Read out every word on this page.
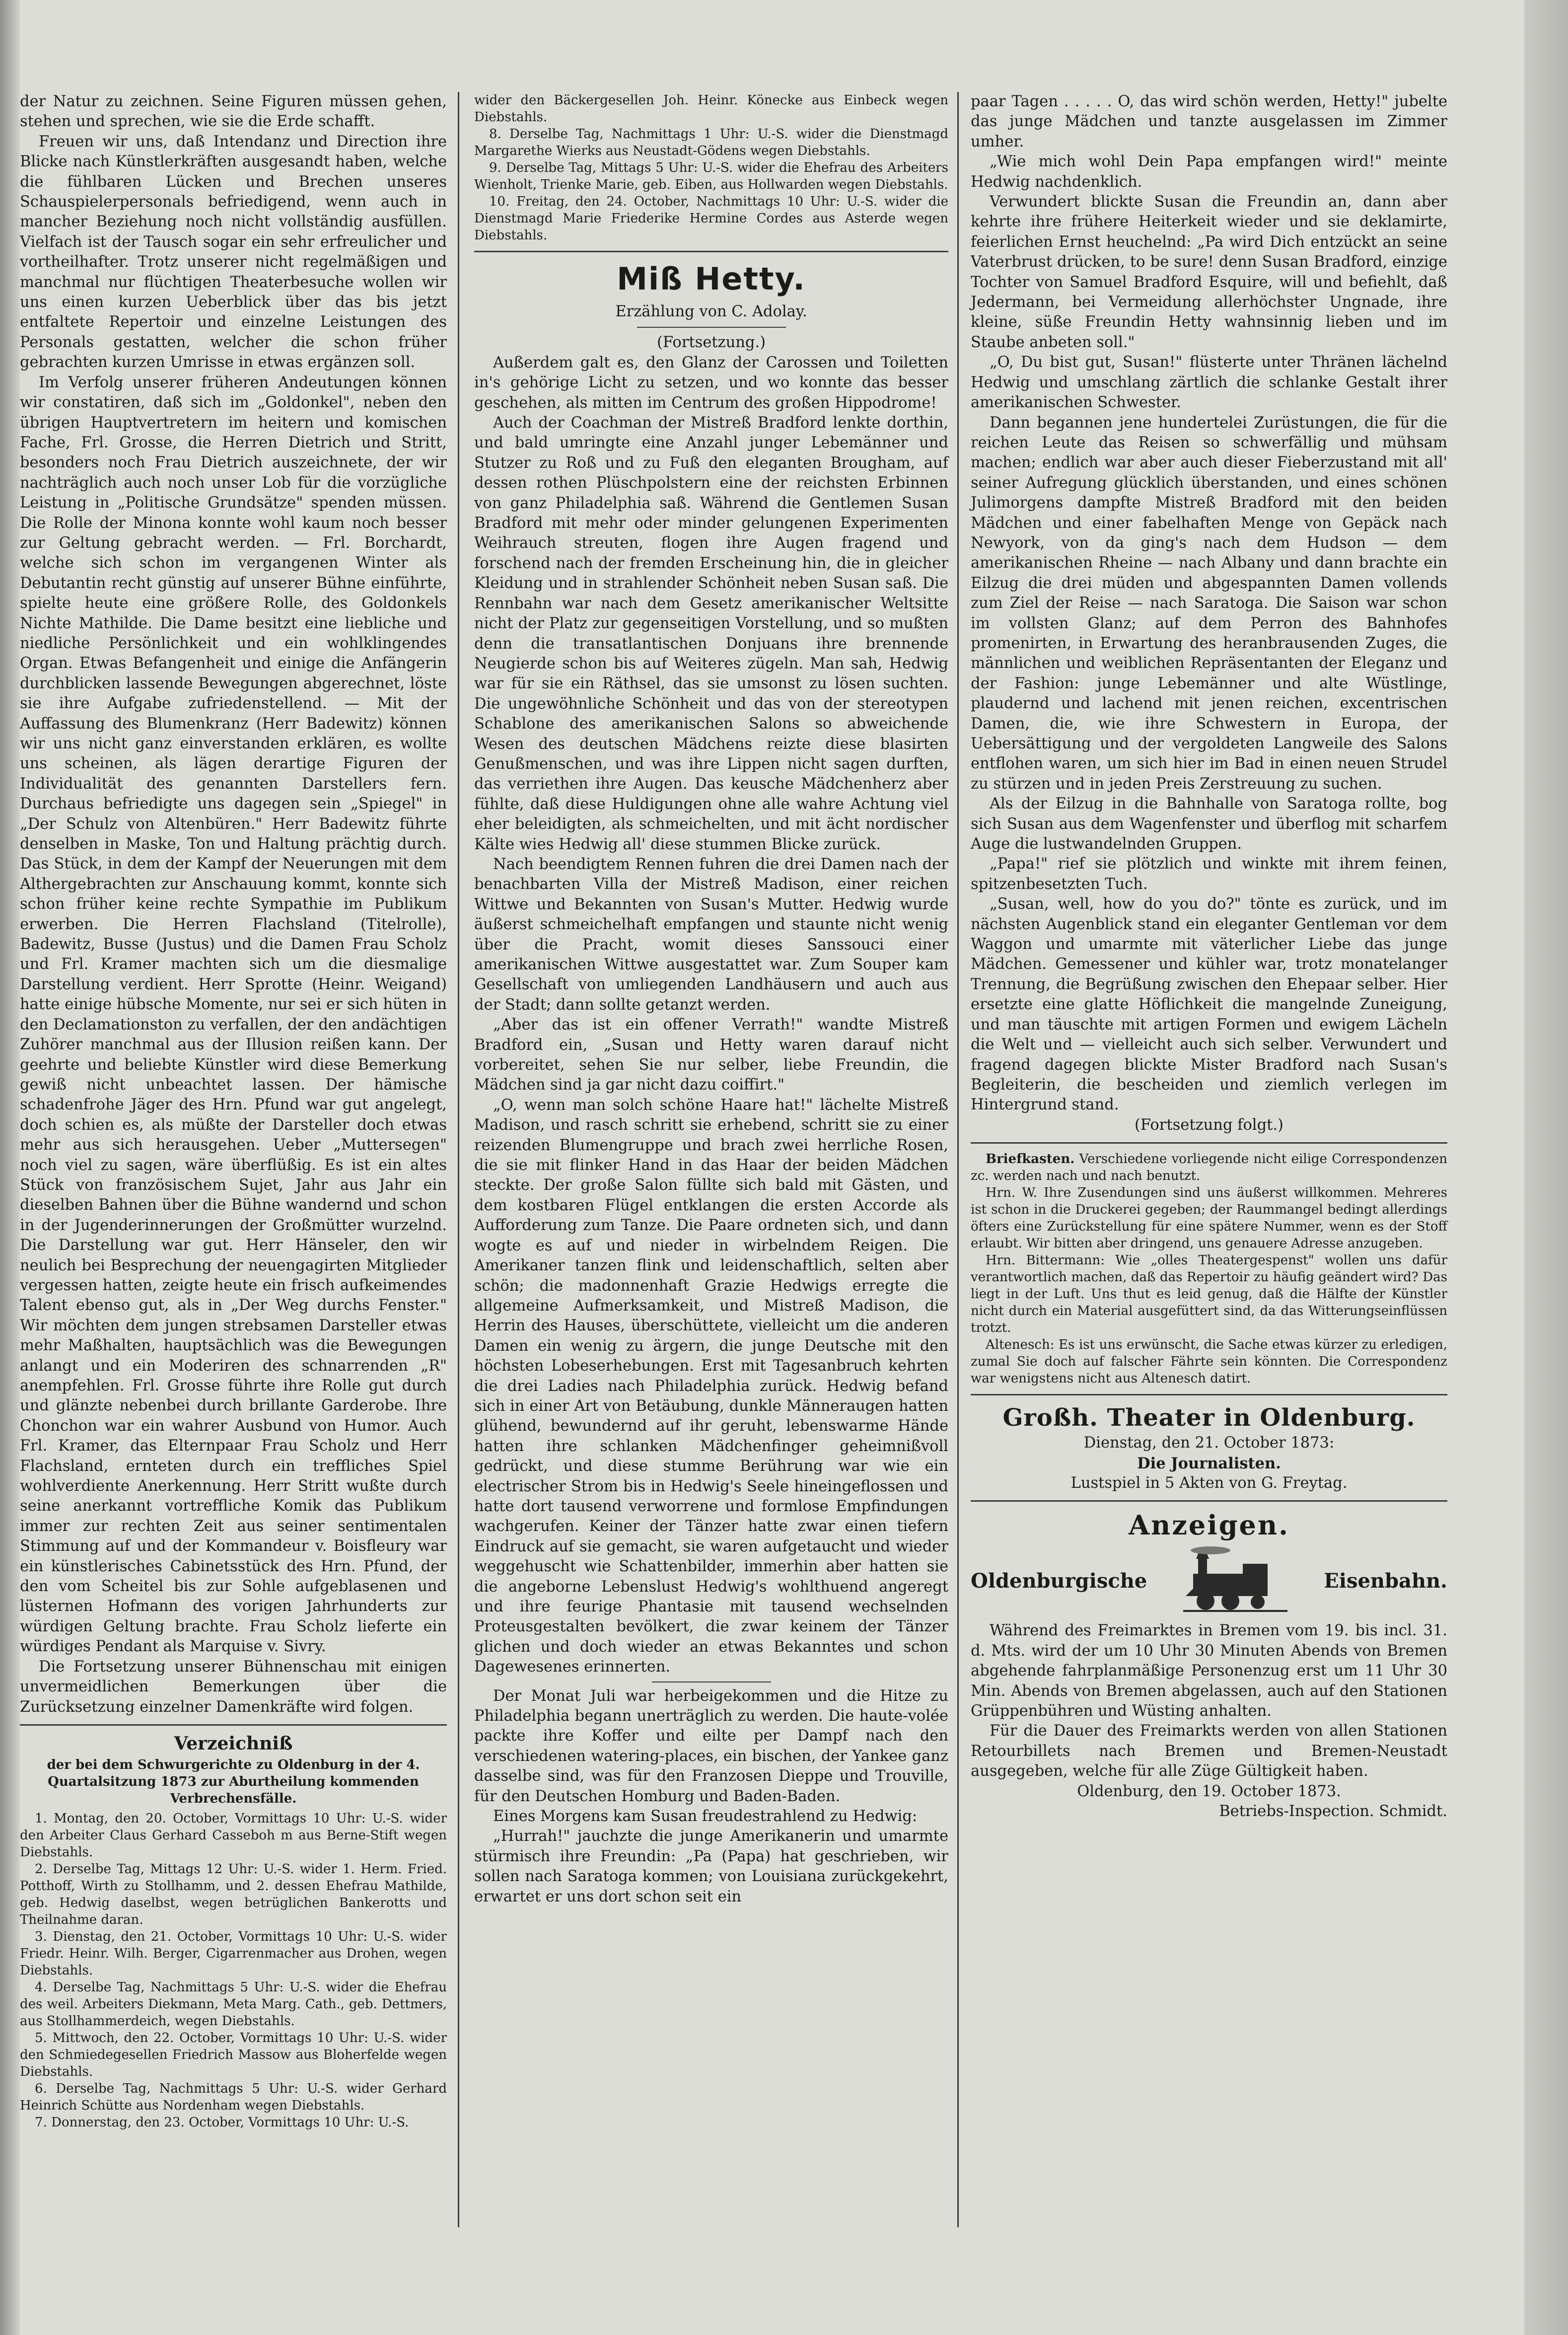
der Natur zu zeichnen. Seine Figuren müssen gehen, stehen und sprechen, wie sie die Erde schafft.

Freuen wir uns, daß Intendanz und Direction ihre Blicke nach Künstlerkräften ausgesandt haben, welche die fühlbaren Lücken und Brechen unseres Schauspielerpersonals befriedigend, wenn auch in mancher Beziehung noch nicht vollständig ausfüllen. Vielfach ist der Tausch sogar ein sehr erfreulicher und vortheilhafter. Trotz unserer nicht regelmäßigen und manchmal nur flüchtigen Theaterbesuche wollen wir uns einen kurzen Ueberblick über das bis jetzt entfaltete Repertoir und einzelne Leistungen des Personals gestatten, welcher die schon früher gebrachten kurzen Umrisse in etwas ergänzen soll.

Im Verfolg unserer früheren Andeutungen können wir constatiren, daß sich im „Goldonkel", neben den übrigen Hauptvertretern im heitern und komischen Fache, Frl. Grosse, die Herren Dietrich und Stritt, besonders noch Frau Dietrich auszeichnete, der wir nachträglich auch noch unser Lob für die vorzügliche Leistung in „Politische Grundsätze" spenden müssen. Die Rolle der Minona konnte wohl kaum noch besser zur Geltung gebracht werden. — Frl. Borchardt, welche sich schon im vergangenen Winter als Debutantin recht günstig auf unserer Bühne einführte, spielte heute eine größere Rolle, des Goldonkels Nichte Mathilde. Die Dame besitzt eine liebliche und niedliche Persönlichkeit und ein wohlklingendes Organ. Etwas Befangenheit und einige die Anfängerin durchblicken lassende Bewegungen abgerechnet, löste sie ihre Aufgabe zufriedenstellend. — Mit der Auffassung des Blumenkranz (Herr Badewitz) können wir uns nicht ganz einverstanden erklären, es wollte uns scheinen, als lägen derartige Figuren der Individualität des genannten Darstellers fern. Durchaus befriedigte uns dagegen sein „Spiegel" in „Der Schulz von Altenbüren." Herr Badewitz führte denselben in Maske, Ton und Haltung prächtig durch. Das Stück, in dem der Kampf der Neuerungen mit dem Althergebrachten zur Anschauung kommt, konnte sich schon früher keine rechte Sympathie im Publikum erwerben. Die Herren Flachsland (Titelrolle), Badewitz, Busse (Justus) und die Damen Frau Scholz und Frl. Kramer machten sich um die diesmalige Darstellung verdient. Herr Sprotte (Heinr. Weigand) hatte einige hübsche Momente, nur sei er sich hüten in den Declamationston zu verfallen, der den andächtigen Zuhörer manchmal aus der Illusion reißen kann. Der geehrte und beliebte Künstler wird diese Bemerkung gewiß nicht unbeachtet lassen. Der hämische schadenfrohe Jäger des Hrn. Pfund war gut angelegt, doch schien es, als müßte der Darsteller doch etwas mehr aus sich herausgehen. Ueber „Muttersegen" noch viel zu sagen, wäre überflüßig. Es ist ein altes Stück von französischem Sujet, Jahr aus Jahr ein dieselben Bahnen über die Bühne wandernd und schon in der Jugenderinnerungen der Großmütter wurzelnd. Die Darstellung war gut. Herr Hänseler, den wir neulich bei Besprechung der neuengagirten Mitglieder vergessen hatten, zeigte heute ein frisch aufkeimendes Talent ebenso gut, als in „Der Weg durchs Fenster." Wir möchten dem jungen strebsamen Darsteller etwas mehr Maßhalten, hauptsächlich was die Bewegungen anlangt und ein Moderiren des schnarrenden „R" anempfehlen. Frl. Grosse führte ihre Rolle gut durch und glänzte nebenbei durch brillante Garderobe. Ihre Chonchon war ein wahrer Ausbund von Humor. Auch Frl. Kramer, das Elternpaar Frau Scholz und Herr Flachsland, ernteten durch ein treffliches Spiel wohlverdiente Anerkennung. Herr Stritt wußte durch seine anerkannt vortreffliche Komik das Publikum immer zur rechten Zeit aus seiner sentimentalen Stimmung auf und der Kommandeur v. Boisfleury war ein künstlerisches Cabinetsstück des Hrn. Pfund, der den vom Scheitel bis zur Sohle aufgeblasenen und lüsternen Hofmann des vorigen Jahrhunderts zur würdigen Geltung brachte. Frau Scholz lieferte ein würdiges Pendant als Marquise v. Sivry.

Die Fortsetzung unserer Bühnenschau mit einigen unvermeidlichen Bemerkungen über die Zurücksetzung einzelner Damenkräfte wird folgen.

Verzeichniß
der bei dem Schwurgerichte zu Oldenburg in der 4. Quartalsitzung 1873 zur Aburtheilung kommenden Verbrechensfälle.

1. Montag, den 20. October, Vormittags 10 Uhr: U.-S. wider den Arbeiter Claus Gerhard Casseboh m aus Berne-Stift wegen Diebstahls.

2. Derselbe Tag, Mittags 12 Uhr: U.-S. wider 1. Herm. Fried. Potthoff, Wirth zu Stollhamm, und 2. dessen Ehefrau Mathilde, geb. Hedwig daselbst, wegen betrüglichen Bankerotts und Theilnahme daran.

3. Dienstag, den 21. October, Vormittags 10 Uhr: U.-S. wider Friedr. Heinr. Wilh. Berger, Cigarrenmacher aus Drohen, wegen Diebstahls.

4. Derselbe Tag, Nachmittags 5 Uhr: U.-S. wider die Ehefrau des weil. Arbeiters Diekmann, Meta Marg. Cath., geb. Dettmers, aus Stollhammerdeich, wegen Diebstahls.

5. Mittwoch, den 22. October, Vormittags 10 Uhr: U.-S. wider den Schmiedegesellen Friedrich Massow aus Bloherfelde wegen Diebstahls.

6. Derselbe Tag, Nachmittags 5 Uhr: U.-S. wider Gerhard Heinrich Schütte aus Nordenham wegen Diebstahls.

7. Donnerstag, den 23. October, Vormittags 10 Uhr: U.-S.

wider den Bäckergesellen Joh. Heinr. Könecke aus Einbeck wegen Diebstahls.

8. Derselbe Tag, Nachmittags 1 Uhr: U.-S. wider die Dienstmagd Margarethe Wierks aus Neustadt-Gödens wegen Diebstahls.

9. Derselbe Tag, Mittags 5 Uhr: U.-S. wider die Ehefrau des Arbeiters Wienholt, Trienke Marie, geb. Eiben, aus Hollwarden wegen Diebstahls.

10. Freitag, den 24. October, Nachmittags 10 Uhr: U.-S. wider die Dienstmagd Marie Friederike Hermine Cordes aus Asterde wegen Diebstahls.

Miß Hetty.

Erzählung von C. Adolay.

(Fortsetzung.)

Außerdem galt es, den Glanz der Carossen und Toiletten in's gehörige Licht zu setzen, und wo konnte das besser geschehen, als mitten im Centrum des großen Hippodrome!

Auch der Coachman der Mistreß Bradford lenkte dorthin, und bald umringte eine Anzahl junger Lebemänner und Stutzer zu Roß und zu Fuß den eleganten Brougham, auf dessen rothen Plüschpolstern eine der reichsten Erbinnen von ganz Philadelphia saß. Während die Gentlemen Susan Bradford mit mehr oder minder gelungenen Experimenten Weihrauch streuten, flogen ihre Augen fragend und forschend nach der fremden Erscheinung hin, die in gleicher Kleidung und in strahlender Schönheit neben Susan saß. Die Rennbahn war nach dem Gesetz amerikanischer Weltsitte nicht der Platz zur gegenseitigen Vorstellung, und so mußten denn die transatlantischen Donjuans ihre brennende Neugierde schon bis auf Weiteres zügeln. Man sah, Hedwig war für sie ein Räthsel, das sie umsonst zu lösen suchten. Die ungewöhnliche Schönheit und das von der stereotypen Schablone des amerikanischen Salons so abweichende Wesen des deutschen Mädchens reizte diese blasirten Genußmenschen, und was ihre Lippen nicht sagen durften, das verriethen ihre Augen. Das keusche Mädchenherz aber fühlte, daß diese Huldigungen ohne alle wahre Achtung viel eher beleidigten, als schmeichelten, und mit ächt nordischer Kälte wies Hedwig all' diese stummen Blicke zurück.

Nach beendigtem Rennen fuhren die drei Damen nach der benachbarten Villa der Mistreß Madison, einer reichen Wittwe und Bekannten von Susan's Mutter. Hedwig wurde äußerst schmeichelhaft empfangen und staunte nicht wenig über die Pracht, womit dieses Sanssouci einer amerikanischen Wittwe ausgestattet war. Zum Souper kam Gesellschaft von umliegenden Landhäusern und auch aus der Stadt; dann sollte getanzt werden.

„Aber das ist ein offener Verrath!" wandte Mistreß Bradford ein, „Susan und Hetty waren darauf nicht vorbereitet, sehen Sie nur selber, liebe Freundin, die Mädchen sind ja gar nicht dazu coiffirt."

„O, wenn man solch schöne Haare hat!" lächelte Mistreß Madison, und rasch schritt sie erhebend, schritt sie zu einer reizenden Blumengruppe und brach zwei herrliche Rosen, die sie mit flinker Hand in das Haar der beiden Mädchen steckte. Der große Salon füllte sich bald mit Gästen, und dem kostbaren Flügel entklangen die ersten Accorde als Aufforderung zum Tanze. Die Paare ordneten sich, und dann wogte es auf und nieder in wirbelndem Reigen. Die Amerikaner tanzen flink und leidenschaftlich, selten aber schön; die madonnenhaft Grazie Hedwigs erregte die allgemeine Aufmerksamkeit, und Mistreß Madison, die Herrin des Hauses, überschüttete, vielleicht um die anderen Damen ein wenig zu ärgern, die junge Deutsche mit den höchsten Lobeserhebungen. Erst mit Tagesanbruch kehrten die drei Ladies nach Philadelphia zurück. Hedwig befand sich in einer Art von Betäubung, dunkle Männeraugen hatten glühend, bewundernd auf ihr geruht, lebenswarme Hände hatten ihre schlanken Mädchenfinger geheimnißvoll gedrückt, und diese stumme Berührung war wie ein electrischer Strom bis in Hedwig's Seele hineingeflossen und hatte dort tausend verworrene und formlose Empfindungen wachgerufen. Keiner der Tänzer hatte zwar einen tiefern Eindruck auf sie gemacht, sie waren aufgetaucht und wieder weggehuscht wie Schattenbilder, immerhin aber hatten sie die angeborne Lebenslust Hedwig's wohlthuend angeregt und ihre feurige Phantasie mit tausend wechselnden Proteusgestalten bevölkert, die zwar keinem der Tänzer glichen und doch wieder an etwas Bekanntes und schon Dagewesenes erinnerten.

Der Monat Juli war herbeigekommen und die Hitze zu Philadelphia begann unerträglich zu werden. Die haute-volée packte ihre Koffer und eilte per Dampf nach den verschiedenen watering-places, ein bischen, der Yankee ganz dasselbe sind, was für den Franzosen Dieppe und Trouville, für den Deutschen Homburg und Baden-Baden.

Eines Morgens kam Susan freudestrahlend zu Hedwig:

„Hurrah!" jauchzte die junge Amerikanerin und umarmte stürmisch ihre Freundin: „Pa (Papa) hat geschrieben, wir sollen nach Saratoga kommen; von Louisiana zurückgekehrt, erwartet er uns dort schon seit ein

paar Tagen . . . . . O, das wird schön werden, Hetty!" jubelte das junge Mädchen und tanzte ausgelassen im Zimmer umher.

„Wie mich wohl Dein Papa empfangen wird!" meinte Hedwig nachdenklich.

Verwundert blickte Susan die Freundin an, dann aber kehrte ihre frühere Heiterkeit wieder und sie deklamirte, feierlichen Ernst heuchelnd: „Pa wird Dich entzückt an seine Vaterbrust drücken, to be sure! denn Susan Bradford, einzige Tochter von Samuel Bradford Esquire, will und befiehlt, daß Jedermann, bei Vermeidung allerhöchster Ungnade, ihre kleine, süße Freundin Hetty wahnsinnig lieben und im Staube anbeten soll."

„O, Du bist gut, Susan!" flüsterte unter Thränen lächelnd Hedwig und umschlang zärtlich die schlanke Gestalt ihrer amerikanischen Schwester.

Dann begannen jene hundertelei Zurüstungen, die für die reichen Leute das Reisen so schwerfällig und mühsam machen; endlich war aber auch dieser Fieberzustand mit all' seiner Aufregung glücklich überstanden, und eines schönen Julimorgens dampfte Mistreß Bradford mit den beiden Mädchen und einer fabelhaften Menge von Gepäck nach Newyork, von da ging's nach dem Hudson — dem amerikanischen Rheine — nach Albany und dann brachte ein Eilzug die drei müden und abgespannten Damen vollends zum Ziel der Reise — nach Saratoga. Die Saison war schon im vollsten Glanz; auf dem Perron des Bahnhofes promenirten, in Erwartung des heranbrausenden Zuges, die männlichen und weiblichen Repräsentanten der Eleganz und der Fashion: junge Lebemänner und alte Wüstlinge, plaudernd und lachend mit jenen reichen, excentrischen Damen, die, wie ihre Schwestern in Europa, der Uebersättigung und der vergoldeten Langweile des Salons entflohen waren, um sich hier im Bad in einen neuen Strudel zu stürzen und in jeden Preis Zerstreuung zu suchen.

Als der Eilzug in die Bahnhalle von Saratoga rollte, bog sich Susan aus dem Wagenfenster und überflog mit scharfem Auge die lustwandelnden Gruppen.

„Papa!" rief sie plötzlich und winkte mit ihrem feinen, spitzenbesetzten Tuch.

„Susan, well, how do you do?" tönte es zurück, und im nächsten Augenblick stand ein eleganter Gentleman vor dem Waggon und umarmte mit väterlicher Liebe das junge Mädchen. Gemessener und kühler war, trotz monatelanger Trennung, die Begrüßung zwischen den Ehepaar selber. Hier ersetzte eine glatte Höflichkeit die mangelnde Zuneigung, und man täuschte mit artigen Formen und ewigem Lächeln die Welt und — vielleicht auch sich selber. Verwundert und fragend dagegen blickte Mister Bradford nach Susan's Begleiterin, die bescheiden und ziemlich verlegen im Hintergrund stand.

(Fortsetzung folgt.)

Briefkasten. Verschiedene vorliegende nicht eilige Correspondenzen zc. werden nach und nach benutzt.

Hrn. W. Ihre Zusendungen sind uns äußerst willkommen. Mehreres ist schon in die Druckerei gegeben; der Raummangel bedingt allerdings öfters eine Zurückstellung für eine spätere Nummer, wenn es der Stoff erlaubt. Wir bitten aber dringend, uns genauere Adresse anzugeben.

Hrn. Bittermann: Wie „olles Theatergespenst" wollen uns dafür verantwortlich machen, daß das Repertoir zu häufig geändert wird? Das liegt in der Luft. Uns thut es leid genug, daß die Hälfte der Künstler nicht durch ein Material ausgefüttert sind, da das Witterungseinflüssen trotzt.

Altenesch: Es ist uns erwünscht, die Sache etwas kürzer zu erledigen, zumal Sie doch auf falscher Fährte sein könnten. Die Correspondenz war wenigstens nicht aus Altenesch datirt.

Großh. Theater in Oldenburg.

Dienstag, den 21. October 1873:

Die Journalisten.

Lustspiel in 5 Akten von G. Freytag.

Anzeigen.
Oldenburgische	Eisenbahn.

Während des Freimarktes in Bremen vom 19. bis incl. 31. d. Mts. wird der um 10 Uhr 30 Minuten Abends von Bremen abgehende fahrplanmäßige Personenzug erst um 11 Uhr 30 Min. Abends von Bremen abgelassen, auch auf den Stationen Grüppenbühren und Wüsting anhalten.

Für die Dauer des Freimarkts werden von allen Stationen Retourbillets nach Bremen und Bremen-Neustadt ausgegeben, welche für alle Züge Gültigkeit haben.

Oldenburg, den 19. October 1873.

Betriebs-Inspection. Schmidt.
